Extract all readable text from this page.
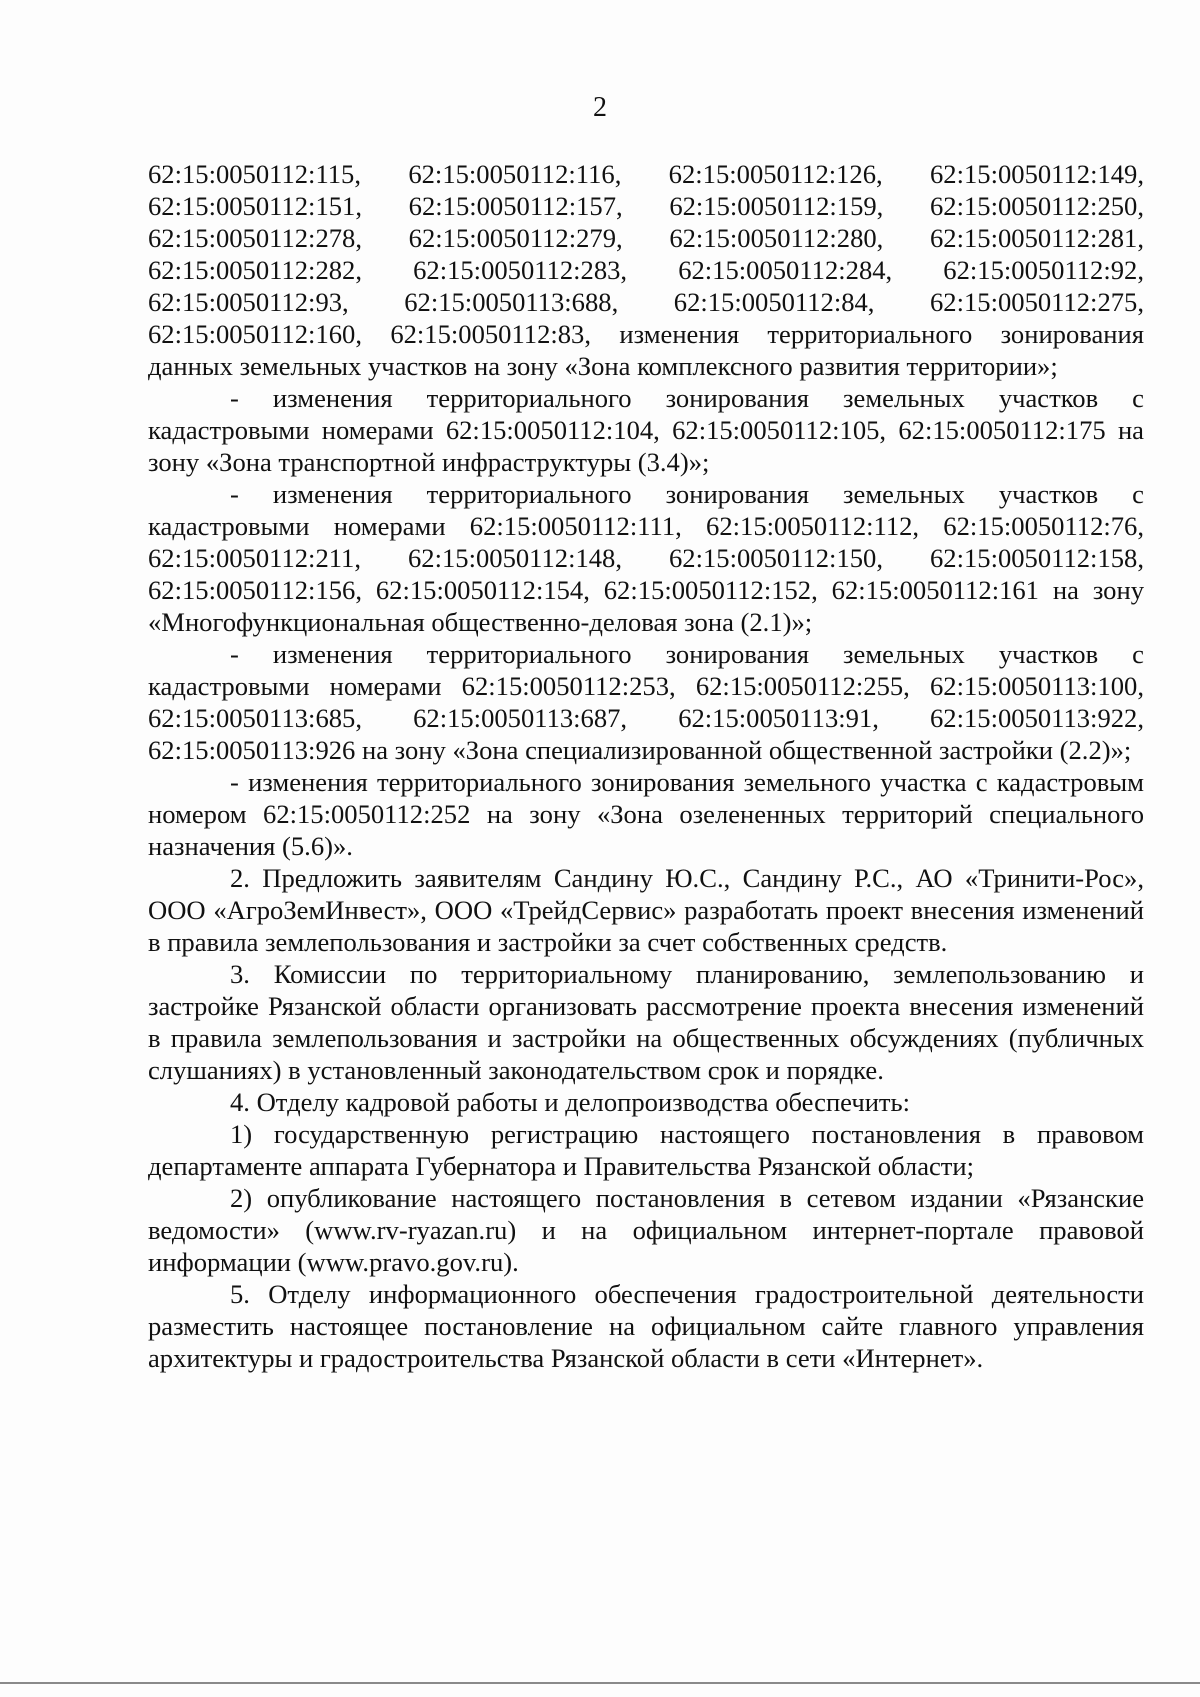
2

62:15:0050112:115, 62:15:0050112:116, 62:15:0050112:126, 62:15:0050112:149, 62:15:0050112:151, 62:15:0050112:157, 62:15:0050112:159, 62:15:0050112:250, 62:15:0050112:278, 62:15:0050112:279, 62:15:0050112:280, 62:15:0050112:281, 62:15:0050112:282, 62:15:0050112:283, 62:15:0050112:284, 62:15:0050112:92, 62:15:0050112:93, 62:15:0050113:688, 62:15:0050112:84, 62:15:0050112:275, 62:15:0050112:160, 62:15:0050112:83, изменения территориального зонирования данных земельных участков на зону «Зона комплексного развития территории»;

- изменения территориального зонирования земельных участков с кадастровыми номерами 62:15:0050112:104, 62:15:0050112:105, 62:15:0050112:175 на зону «Зона транспортной инфраструктуры (3.4)»;

- изменения территориального зонирования земельных участков с кадастровыми номерами 62:15:0050112:111, 62:15:0050112:112, 62:15:0050112:76, 62:15:0050112:211, 62:15:0050112:148, 62:15:0050112:150, 62:15:0050112:158, 62:15:0050112:156, 62:15:0050112:154, 62:15:0050112:152, 62:15:0050112:161 на зону «Многофункциональная общественно-деловая зона (2.1)»;

- изменения территориального зонирования земельных участков с кадастровыми номерами 62:15:0050112:253, 62:15:0050112:255, 62:15:0050113:100, 62:15:0050113:685, 62:15:0050113:687, 62:15:0050113:91, 62:15:0050113:922, 62:15:0050113:926 на зону «Зона специализированной общественной застройки (2.2)»;

- изменения территориального зонирования земельного участка с кадастровым номером 62:15:0050112:252 на зону «Зона озелененных территорий специального назначения (5.6)».

2. Предложить заявителям Сандину Ю.С., Сандину Р.С., АО «Тринити-Рос», ООО «АгроЗемИнвест», ООО «ТрейдСервис» разработать проект внесения изменений в правила землепользования и застройки за счет собственных средств.

3. Комиссии по территориальному планированию, землепользованию и застройке Рязанской области организовать рассмотрение проекта внесения изменений в правила землепользования и застройки на общественных обсуждениях (публичных слушаниях) в установленный законодательством срок и порядке.

4. Отделу кадровой работы и делопроизводства обеспечить:

1) государственную регистрацию настоящего постановления в правовом департаменте аппарата Губернатора и Правительства Рязанской области;

2) опубликование настоящего постановления в сетевом издании «Рязанские ведомости» (www.rv-ryazan.ru) и на официальном интернет-портале правовой информации (www.pravo.gov.ru).

5. Отделу информационного обеспечения градостроительной деятельности разместить настоящее постановление на официальном сайте главного управления архитектуры и градостроительства Рязанской области в сети «Интернет».
